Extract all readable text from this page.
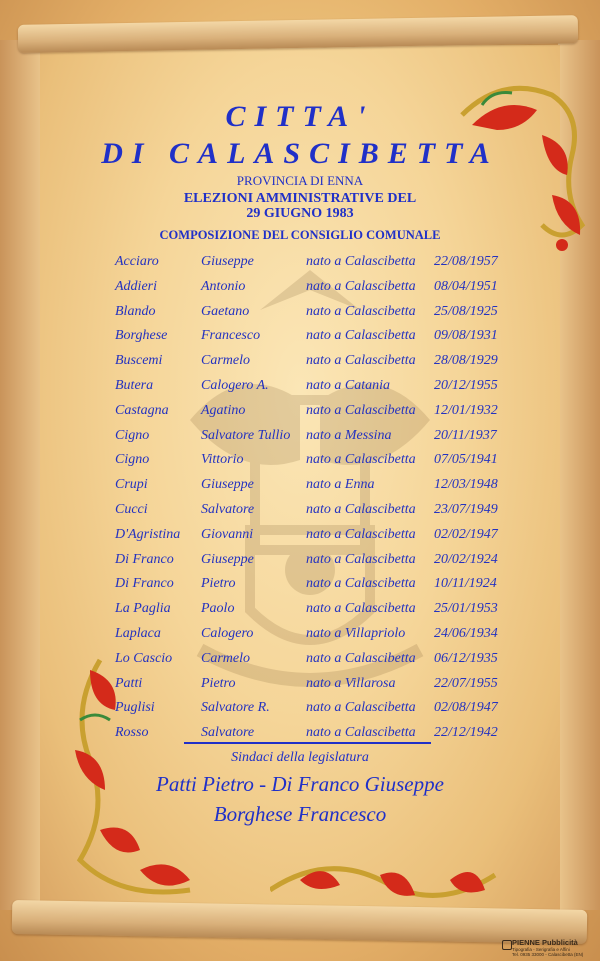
CITTA'
DI CALASCIBETTA
PROVINCIA DI ENNA
ELEZIONI AMMINISTRATIVE DEL
29 GIUGNO 1983
COMPOSIZIONE DEL CONSIGLIO COMUNALE
Acciaro	Giuseppe	nato a Calascibetta 22/08/1957
Addieri	Antonio	nato a Calascibetta 08/04/1951
Blando	Gaetano	nato a Calascibetta 25/08/1925
Borghese Francesco	nato a Calascibetta 09/08/1931
Buscemi	Carmelo	nato a Calascibetta 28/08/1929
Butera	Calogero A.	nato a Catania	20/12/1955
Castagna Agatino	nato a Calascibetta 12/01/1932
Cigno	Salvatore Tullio nato a Messina	20/11/1937
Cigno	Vittorio	nato a Calascibetta 07/05/1941
Crupi	Giuseppe	nato a Enna	12/03/1948
Cucci	Salvatore	nato a Calascibetta 23/07/1949
D'Agristina Giovanni	nato a Calascibetta 02/02/1947
Di Franco Giuseppe	nato a Calascibetta 20/02/1924
Di Franco Pietro	nato a Calascibetta 10/11/1924
La Paglia Paolo	nato a Calascibetta 25/01/1953
Laplaca	Calogero	nato a Villapriolo 24/06/1934
Lo Cascio Carmelo	nato a Calascibetta 06/12/1935
Patti	Pietro	nato a Villarosa	22/07/1955
Puglisi	Salvatore R.	nato a Calascibetta 02/08/1947
Rosso	Salvatore	nato a Calascibetta 22/12/1942
Sindaci della legislatura
Patti Pietro - Di Franco Giuseppe
Borghese Francesco
PIENNE Pubblicità
Tipografia - Serigrafia e Affini
Tel. 0935 33000 - Calascibetta (EN)
